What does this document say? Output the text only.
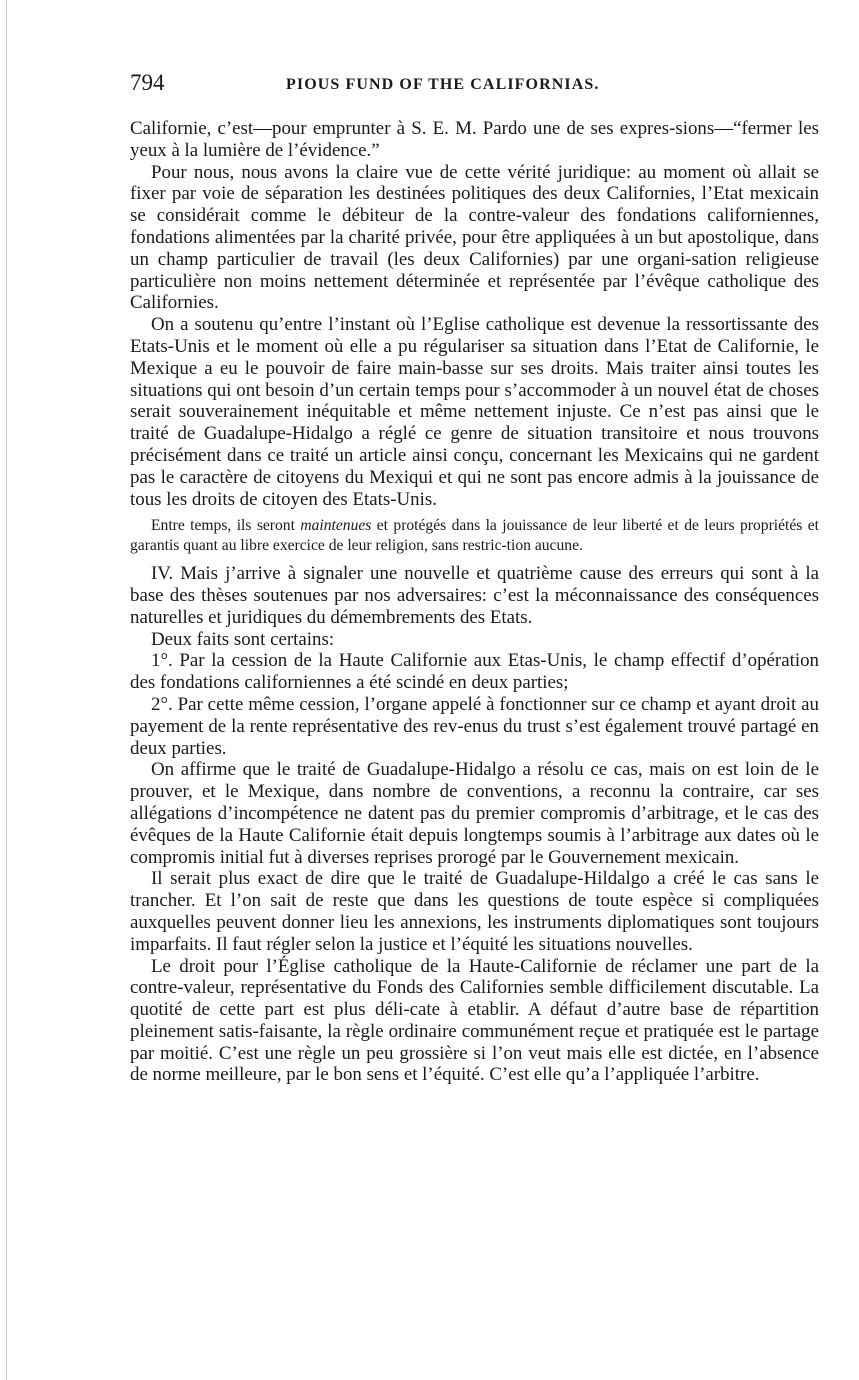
794	PIOUS FUND OF THE CALIFORNIAS.

Californie, c’est—pour emprunter à S. E. M. Pardo une de ses expres-sions—“fermer les yeux à la lumière de l’évidence.”

Pour nous, nous avons la claire vue de cette vérité juridique: au moment où allait se fixer par voie de séparation les destinées politiques des deux Californies, l’Etat mexicain se considérait comme le débiteur de la contre-valeur des fondations californiennes, fondations alimentées par la charité privée, pour être appliquées à un but apostolique, dans un champ particulier de travail (les deux Californies) par une organi-sation religieuse particulière non moins nettement déterminée et représentée par l’évêque catholique des Californies.

On a soutenu qu’entre l’instant où l’Eglise catholique est devenue la ressortissante des Etats-Unis et le moment où elle a pu régulariser sa situation dans l’Etat de Californie, le Mexique a eu le pouvoir de faire main-basse sur ses droits. Mais traiter ainsi toutes les situations qui ont besoin d’un certain temps pour s’accommoder à un nouvel état de choses serait souverainement inéquitable et même nettement injuste. Ce n’est pas ainsi que le traité de Guadalupe-Hidalgo a réglé ce genre de situation transitoire et nous trouvons précisément dans ce traité un article ainsi conçu, concernant les Mexicains qui ne gardent pas le caractère de citoyens du Mexiqui et qui ne sont pas encore admis à la jouissance de tous les droits de citoyen des Etats-Unis.

Entre temps, ils seront maintenues et protégés dans la jouissance de leur liberté et de leurs propriétés et garantis quant au libre exercice de leur religion, sans restric-tion aucune.

IV. Mais j’arrive à signaler une nouvelle et quatrième cause des erreurs qui sont à la base des thèses soutenues par nos adversaires: c’est la méconnaissance des conséquences naturelles et juridiques du démembrements des Etats.

Deux faits sont certains:

1°. Par la cession de la Haute Californie aux Etas-Unis, le champ effectif d’opération des fondations californiennes a été scindé en deux parties;

2°. Par cette même cession, l’organe appelé à fonctionner sur ce champ et ayant droit au payement de la rente représentative des rev-enus du trust s’est également trouvé partagé en deux parties.

On affirme que le traité de Guadalupe-Hidalgo a résolu ce cas, mais on est loin de le prouver, et le Mexique, dans nombre de conventions, a reconnu la contraire, car ses allégations d’incompétence ne datent pas du premier compromis d’arbitrage, et le cas des évêques de la Haute Californie était depuis longtemps soumis à l’arbitrage aux dates où le compromis initial fut à diverses reprises prorogé par le Gouvernement mexicain.

Il serait plus exact de dire que le traité de Guadalupe-Hildalgo a créé le cas sans le trancher. Et l’on sait de reste que dans les questions de toute espèce si compliquées auxquelles peuvent donner lieu les annexions, les instruments diplomatiques sont toujours imparfaits. Il faut régler selon la justice et l’équité les situations nouvelles.

Le droit pour l’Église catholique de la Haute-Californie de réclamer une part de la contre-valeur, représentative du Fonds des Californies semble difficilement discutable. La quotité de cette part est plus déli-cate à etablir. A défaut d’autre base de répartition pleinement satis-faisante, la règle ordinaire communément reçue et pratiquée est le partage par moitié. C’est une règle un peu grossière si l’on veut mais elle est dictée, en l’absence de norme meilleure, par le bon sens et l’équité. C’est elle qu’a l’appliquée l’arbitre.
